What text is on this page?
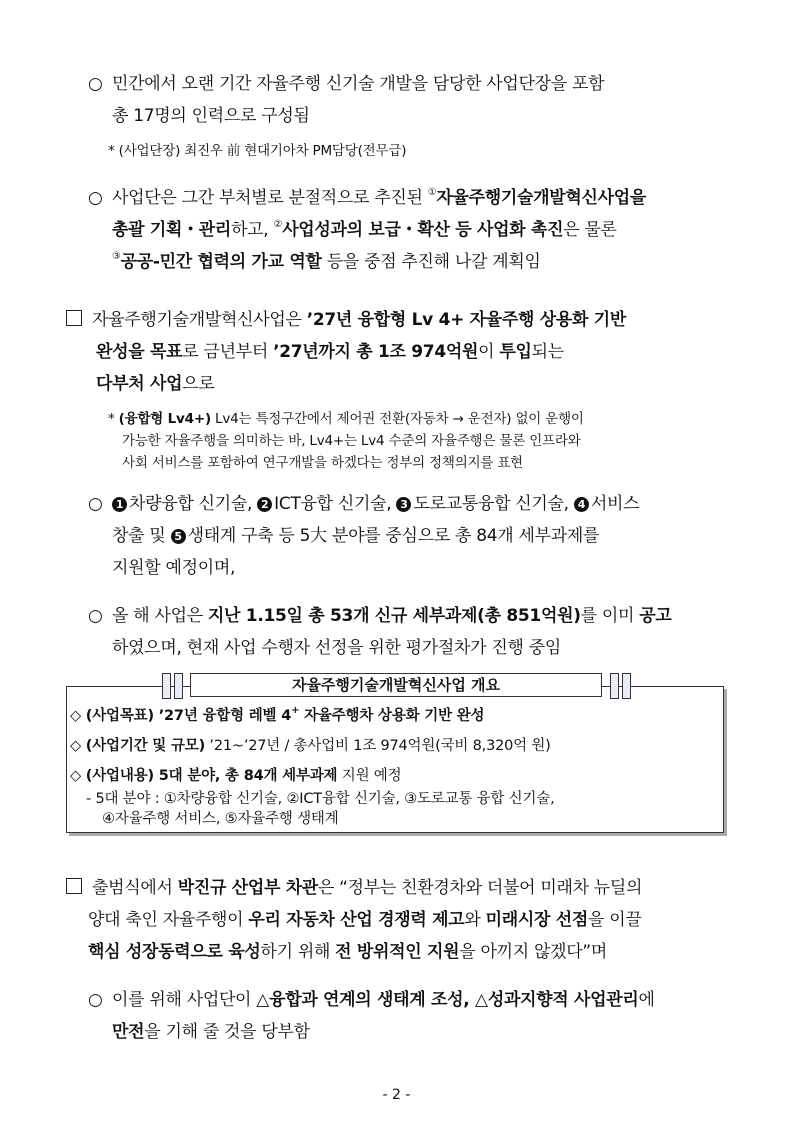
○ 민간에서 오랜 기간 자율주행 신기술 개발을 담당한 사업단장을 포함
총 17명의 인력으로 구성됨
* (사업단장) 최진우 前 현대기아차 PM담당(전무급)
○ 사업단은 그간 부처별로 분절적으로 추진된 ①자율주행기술개발혁신사업을
총괄 기획・관리하고, ②사업성과의 보급・확산 등 사업화 촉진은 물론
③공공-민간 협력의 가교 역할 등을 중점 추진해 나갈 계획임
자율주행기술개발혁신사업은 ’27년 융합형 Lv 4+ 자율주행 상용화 기반
완성을 목표로 금년부터 ’27년까지 총 1조 974억원이 투입되는
다부처 사업으로
* (융합형 Lv4+) Lv4는 특정구간에서 제어권 전환(자동차 → 운전자) 없이 운행이
가능한 자율주행을 의미하는 바, Lv4+는 Lv4 수준의 자율주행은 물론 인프라와
사회 서비스를 포함하여 연구개발을 하겠다는 정부의 정책의지를 표현
○ 1 차량융합 신기술, 2 ICT융합 신기술, 3 도로교통융합 신기술, 4 서비스
창출 및 5 생태계 구축 등 5大 분야를 중심으로 총 84개 세부과제를
지원할 예정이며,
○ 올 해 사업은 지난 1.15일 총 53개 신규 세부과제(총 851억원)를 이미 공고
하였으며, 현재 사업 수행자 선정을 위한 평가절차가 진행 중임
자율주행기술개발혁신사업 개요
◇ (사업목표) ’27년 융합형 레벨 4+ 자율주행차 상용화 기반 완성
◇ (사업기간 및 규모) ’21~’27년 / 총사업비 1조 974억원(국비 8,320억 원)
◇ (사업내용) 5대 분야, 총 84개 세부과제 지원 예정
- 5대 분야 : ①차량융합 신기술, ②ICT융합 신기술, ③도로교통 융합 신기술,
④자율주행 서비스, ⑤자율주행 생태계
출범식에서 박진규 산업부 차관은 “정부는 친환경차와 더불어 미래차 뉴딜의
양대 축인 자율주행이 우리 자동차 산업 경쟁력 제고와 미래시장 선점을 이끌
핵심 성장동력으로 육성하기 위해 전 방위적인 지원을 아끼지 않겠다”며
○ 이를 위해 사업단이 △융합과 연계의 생태계 조성, △성과지향적 사업관리에
만전을 기해 줄 것을 당부함
- 2 -
